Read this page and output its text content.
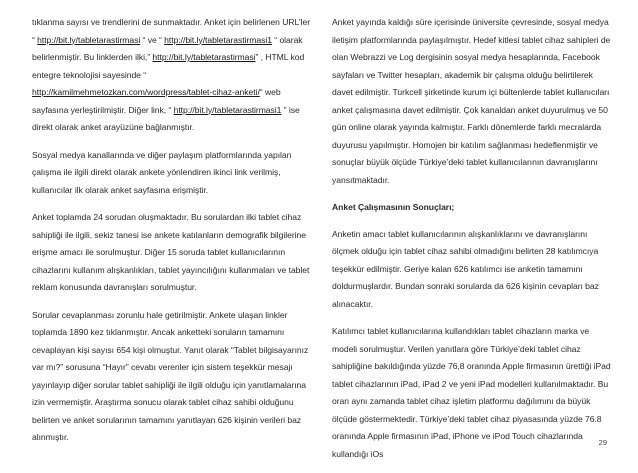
tıklanma sayısı ve trendlerini de sunmaktadır. Anket için belirlenen URL’ler “ http://bit.ly/tabletarastirmasi “ ve “ http://bit.ly/tabletarastirmasi1 “ olarak belirlenmiştir. Bu linklerden ilki,” http://bit.ly/tabletarastirmasi” , HTML kod entegre teknolojisi sayesinde “ http://kamilmehmetozkan.com/wordpress/tablet-cihaz-anketi/“ web sayfasına yerleştirilmiştir. Diğer link, “ http://bit.ly/tabletarastirmasi1 ” ise direkt olarak anket arayüzüne bağlanmıştır.

Sosyal medya kanallarında ve diğer paylaşım platformlarında yapılan çalışma ile ilgili direkt olarak ankete yönlendiren ikinci link verilmiş, kullanıcılar ilk olarak anket sayfasına erişmiştir.

Anket toplamda 24 sorudan oluşmaktadır. Bu sorulardan ilki tablet cihaz sahipliği ile ilgili, sekiz tanesi ise ankete katılanların demografik bilgilerine erişme amacı ile sorulmuştur. Diğer 15 soruda tablet kullanıcılarının cihazlarını kullanım alışkanlıkları, tablet yayıncılığını kullanmaları ve tablet reklam konusunda davranışları sorulmuştur.

Sorular cevaplanması zorunlu hale getirilmiştir. Ankete ulaşan linkler toplamda 1890 kez tıklanmıştır. Ancak anketteki soruların tamamını cevaplayan kişi sayısı 654 kişi olmuştur. Yanıt olarak “Tablet bilgisayarınız var mı?” sorusuna “Hayır” cevabı verenler için sistem teşekkür mesajı yayınlayıp diğer sorular tablet sahipliği ile ilgili olduğu için yanıtlamalarına izin vermemiştir. Araştırma sonucu olarak tablet cihaz sahibi olduğunu belirten ve anket sorularının tamamını yanıtlayan 626 kişinin verileri baz alınmıştır.

Anket yayında kaldığı süre içerisinde üniversite çevresinde, sosyal medya iletişim platformlarında paylaşılmıştır. Hedef kitlesi tablet cihaz sahipleri de olan Webrazzi ve Log dergisinin sosyal medya hesaplarında, Facebook sayfaları ve Twitter hesapları, akademik bir çalışma olduğu belirtilerek davet edilmiştir. Turkcell şirketinde kurum içi bültenlerde tablet kullanıcıları anket çalışmasına davet edilmiştir. Çok kanaldan anket duyurulmuş ve 50 gün online olarak yayında kalmıştır. Farklı dönemlerde farklı mecralarda duyurusu yapılmıştır. Homojen bir katılım sağlanması hedeflenmiştir ve sonuçlar büyük ölçüde Türkiye’deki tablet kullanıcılarının davranışlarını yansıtmaktadır.

Anket Çalışmasının Sonuçları;

Anketin amacı tablet kullanıcılarının alışkanlıklarını ve davranışlarını ölçmek olduğu için tablet cihaz sahibi olmadığını belirten 28 katılımcıya teşekkür edilmiştir. Geriye kalan 626 katılımcı ise anketin tamamını doldurmuşlardır. Bundan sonraki sorularda da 626 kişinin cevapları baz alınacaktır.

Katılımcı tablet kullanıcılarına kullandıkları tablet cihazların marka ve modeli sorulmuştur. Verilen yanıtlara göre Türkiye’deki tablet cihaz sahipliğine bakıldığında yüzde 76,8 oranında Apple firmasının ürettiği iPad tablet cihazlarının iPad, iPad 2 ve yeni iPad modelleri kullanılmaktadır. Bu oran aynı zamanda tablet cihaz işletim platformu dağılımını da büyük ölçüde göstermektedir. Türkiye’deki tablet cihaz piyasasında yüzde 76.8 oranında Apple firmasının iPad, iPhone ve iPod Touch cihazlarında kullandığı iOs

29
